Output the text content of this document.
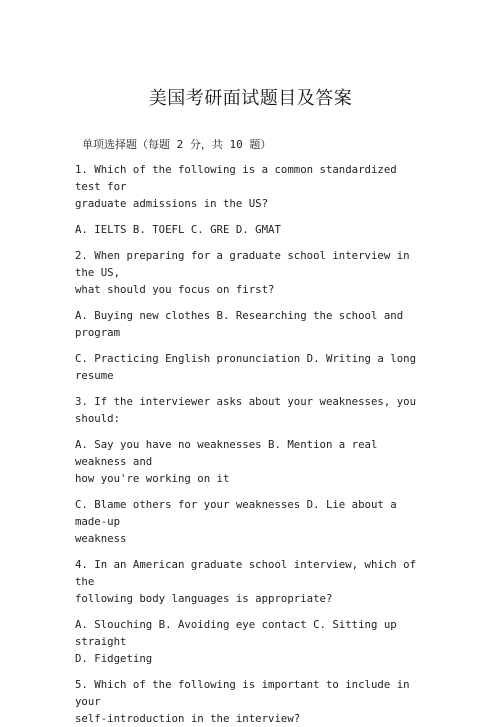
美国考研面试题目及答案
单项选择题（每题 2 分，共 10 题）

1. Which of the following is a common standardized test for
graduate admissions in the US?

A. IELTS B. TOEFL C. GRE D. GMAT

2. When preparing for a graduate school interview in the US,
what should you focus on first?

A. Buying new clothes B. Researching the school and program

C. Practicing English pronunciation D. Writing a long resume

3. If the interviewer asks about your weaknesses, you should:

A. Say you have no weaknesses B. Mention a real weakness and
how you're working on it

C. Blame others for your weaknesses D. Lie about a made-up
weakness

4. In an American graduate school interview, which of the
following body languages is appropriate?

A. Slouching B. Avoiding eye contact C. Sitting up straight
D. Fidgeting

5. Which of the following is important to include in your
self-introduction in the interview?
